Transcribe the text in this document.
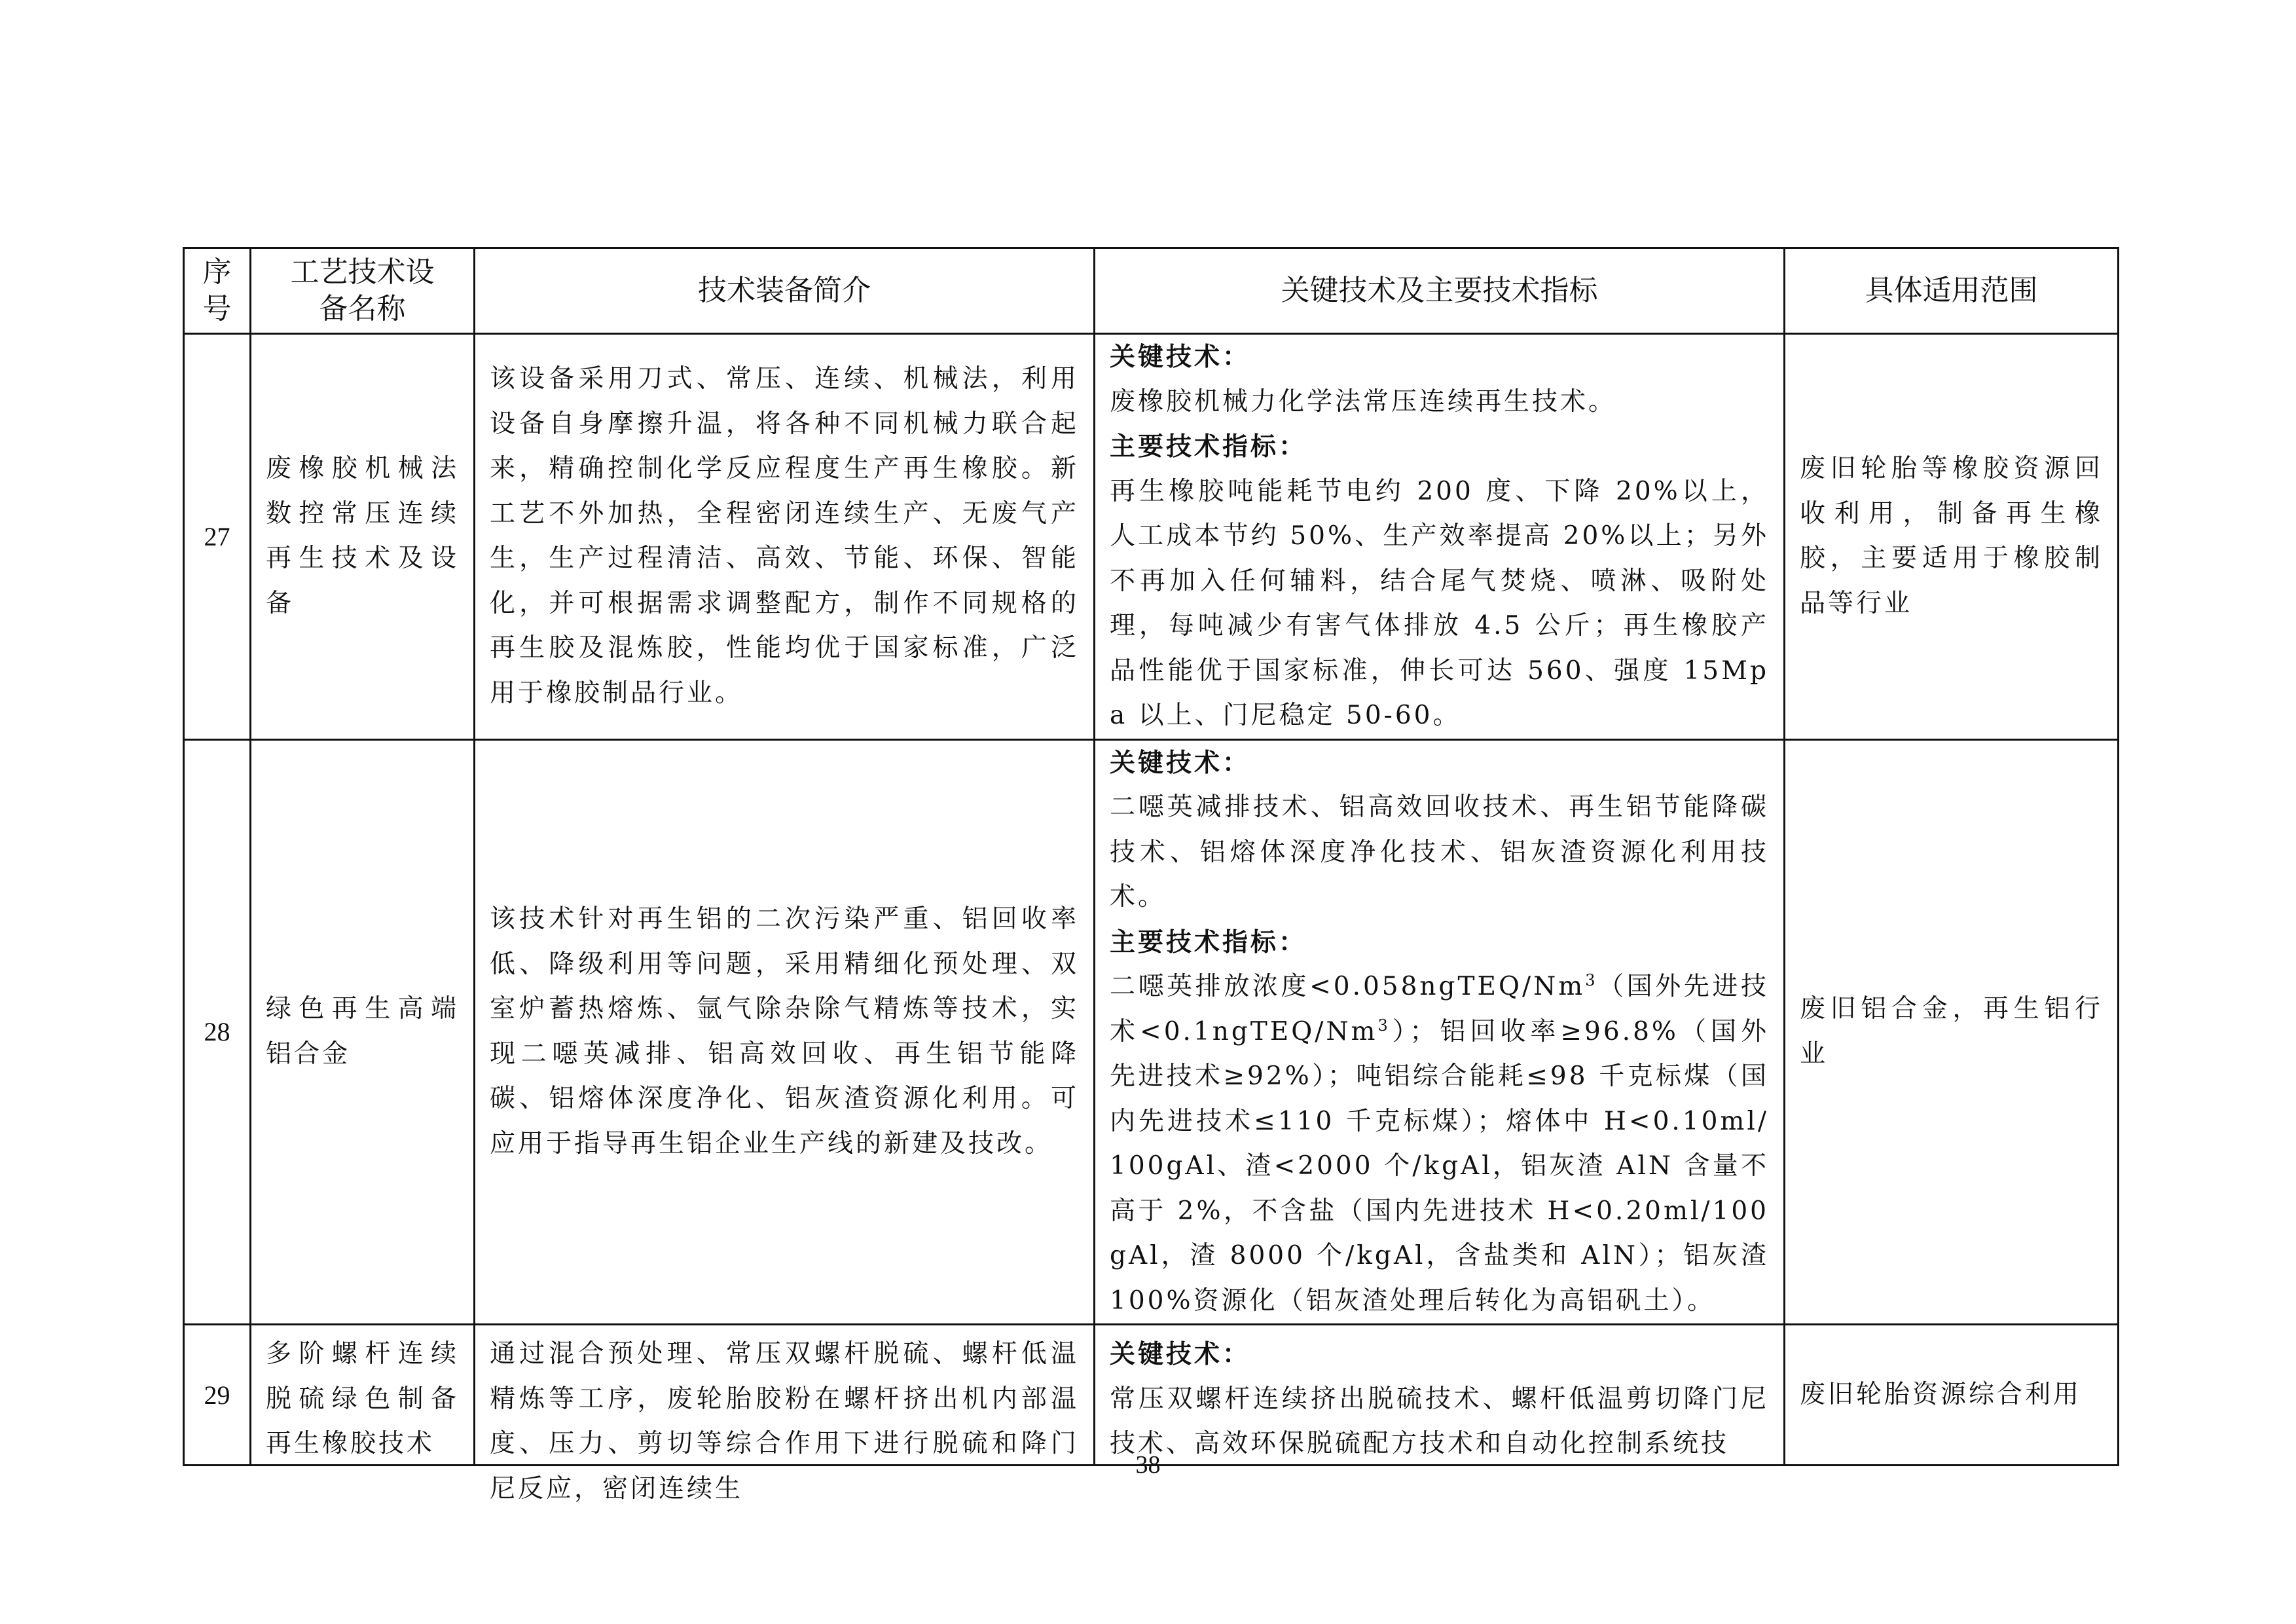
序号	工艺技术设备名称	技术装备简介	关键技术及主要技术指标	具体适用范围
27	废橡胶机械法数控常压连续再生技术及设备	该设备采用刀式、常压、连续、机械法，利用设备自身摩擦升温，将各种不同机械力联合起来，精确控制化学反应程度生产再生橡胶。新工艺不外加热，全程密闭连续生产、无废气产生，生产过程清洁、高效、节能、环保、智能化，并可根据需求调整配方，制作不同规格的再生胶及混炼胶，性能均优于国家标准，广泛用于橡胶制品行业。	关键技术：
废橡胶机械力化学法常压连续再生技术。
主要技术指标：
再生橡胶吨能耗节电约 200 度、下降 20%以上，人工成本节约 50%、生产效率提高 20%以上；另外不再加入任何辅料，结合尾气焚烧、喷淋、吸附处理，每吨减少有害气体排放 4.5 公斤；再生橡胶产品性能优于国家标准，伸长可达 560、强度 15Mpa 以上、门尼稳定 50-60。	废旧轮胎等橡胶资源回收利用，制备再生橡胶，主要适用于橡胶制品等行业

28	绿色再生高端铝合金	该技术针对再生铝的二次污染严重、铝回收率低、降级利用等问题，采用精细化预处理、双室炉蓄热熔炼、氩气除杂除气精炼等技术，实现二噁英减排、铝高效回收、再生铝节能降碳、铝熔体深度净化、铝灰渣资源化利用。可应用于指导再生铝企业生产线的新建及技改。	关键技术：
二噁英减排技术、铝高效回收技术、再生铝节能降碳技术、铝熔体深度净化技术、铝灰渣资源化利用技术。
主要技术指标：
二噁英排放浓度$<0.058ngTEQ/Nm^3$（国外先进技术$<0.1ngTEQ/Nm^3$）；铝回收率≥96.8%（国外先进技术≥92%）；吨铝综合能耗≤98 千克标煤（国内先进技术≤110 千克标煤）；熔体中 H<0.10ml/100gAl、渣<2000 个/kgAl，铝灰渣 AlN 含量不高于 2%，不含盐（国内先进技术 H<0.20ml/100gAl，渣 8000 个/kgAl，含盐类和 AlN）；铝灰渣 100%资源化（铝灰渣处理后转化为高铝矾土）。	废旧铝合金，再生铝行业

29	多阶螺杆连续脱硫绿色制备再生橡胶技术	通过混合预处理、常压双螺杆脱硫、螺杆低温精炼等工序，废轮胎胶粉在螺杆挤出机内部温度、压力、剪切等综合作用下进行脱硫和降门尼反应，密闭连续生	关键技术：
常压双螺杆连续挤出脱硫技术、螺杆低温剪切降门尼技术、高效环保脱硫配方技术和自动化控制系统技	废旧轮胎资源综合利用
38
